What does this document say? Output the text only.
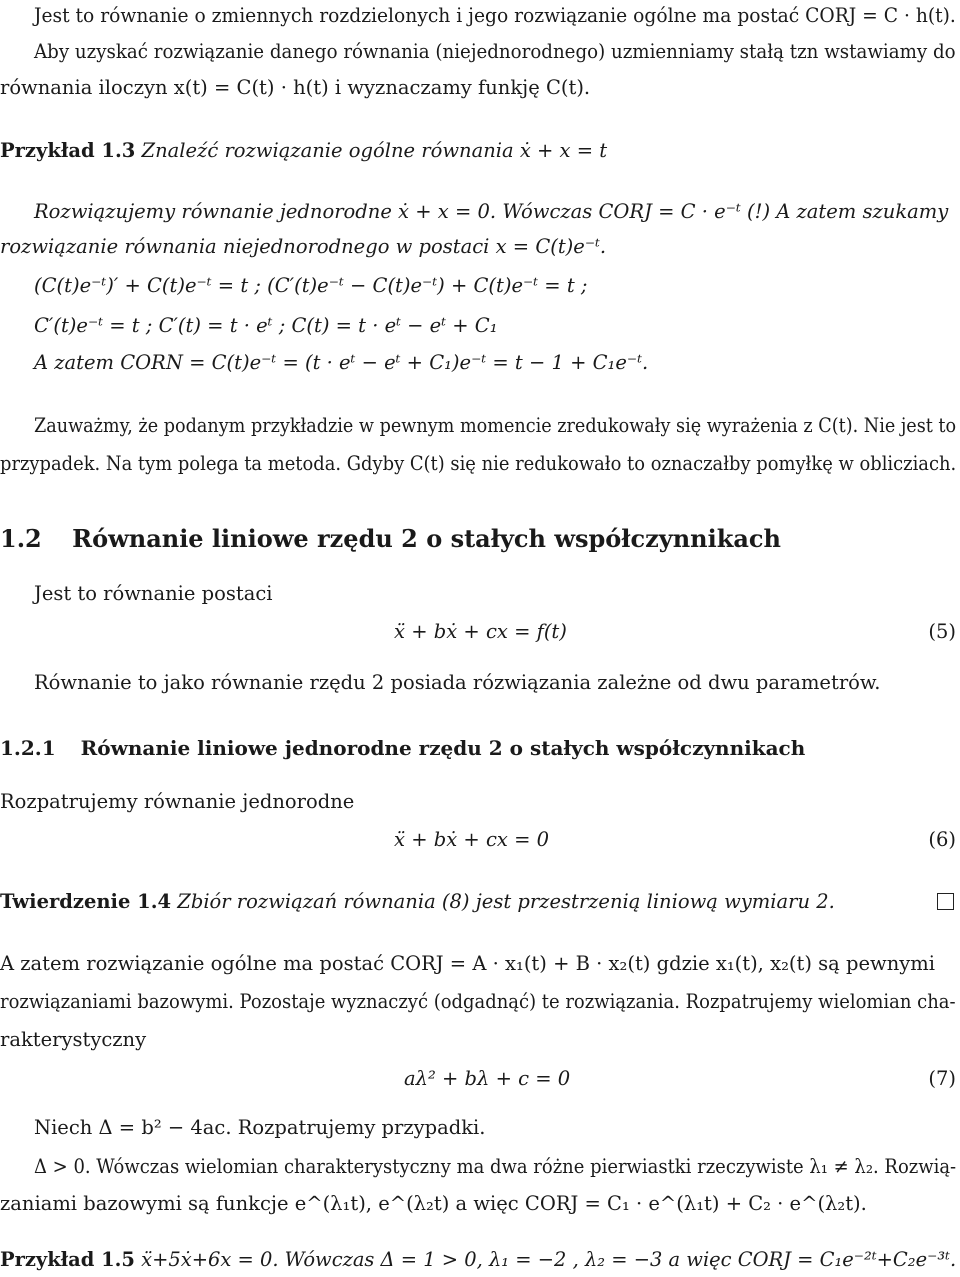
Jest to równanie o zmiennych rozdzielonych i jego rozwiązanie ogólne ma postać CORJ = C · h(t).
Aby uzyskać rozwiązanie danego równania (niejednorodnego) uzmienniamy stałą tzn wstawiamy do
równania iloczyn x(t) = C(t) · h(t) i wyznaczamy funkję C(t).
Przykład 1.3 Znaleźć rozwiązanie ogólne równania ẋ + x = t
Rozwiązujemy równanie jednorodne ẋ + x = 0. Wówczas CORJ = C · e⁻ᵗ (!) A zatem szukamy
rozwiązanie równania niejednorodnego w postaci x = C(t)e⁻ᵗ.
(C(t)e⁻ᵗ)′ + C(t)e⁻ᵗ = t ; (C′(t)e⁻ᵗ − C(t)e⁻ᵗ) + C(t)e⁻ᵗ = t ;
C′(t)e⁻ᵗ = t ; C′(t) = t · eᵗ ; C(t) = t · eᵗ − eᵗ + C₁
A zatem CORN = C(t)e⁻ᵗ = (t · eᵗ − eᵗ + C₁)e⁻ᵗ = t − 1 + C₁e⁻ᵗ.
Zauważmy, że podanym przykładzie w pewnym momencie zredukowały się wyrażenia z C(t). Nie jest to
przypadek. Na tym polega ta metoda. Gdyby C(t) się nie redukowało to oznaczałby pomyłkę w oblicziach.
1.2 Równanie liniowe rzędu 2 o stałych współczynnikach
Jest to równanie postaci
ẍ + bẋ + cx = f(t)	(5)
Równanie to jako równanie rzędu 2 posiada rózwiązania zależne od dwu parametrów.
1.2.1 Równanie liniowe jednorodne rzędu 2 o stałych współczynnikach
Rozpatrujemy równanie jednorodne
ẍ + bẋ + cx = 0	(6)
Twierdzenie 1.4 Zbiór rozwiązań równania (8) jest przestrzenią liniową wymiaru 2.
A zatem rozwiązanie ogólne ma postać CORJ = A · x₁(t) + B · x₂(t) gdzie x₁(t), x₂(t) są pewnymi
rozwiązaniami bazowymi. Pozostaje wyznaczyć (odgadnąć) te rozwiązania. Rozpatrujemy wielomian cha-
rakterystyczny
aλ² + bλ + c = 0	(7)
Niech Δ = b² − 4ac. Rozpatrujemy przypadki.
Δ > 0. Wówczas wielomian charakterystyczny ma dwa różne pierwiastki rzeczywiste λ₁ ≠ λ₂. Rozwią-
zaniami bazowymi są funkcje e^(λ₁t), e^(λ₂t) a więc CORJ = C₁ · e^(λ₁t) + C₂ · e^(λ₂t).
Przykład 1.5 ẍ+5ẋ+6x = 0. Wówczas Δ = 1 > 0, λ₁ = −2 , λ₂ = −3 a więc CORJ = C₁e⁻²ᵗ+C₂e⁻³ᵗ.
